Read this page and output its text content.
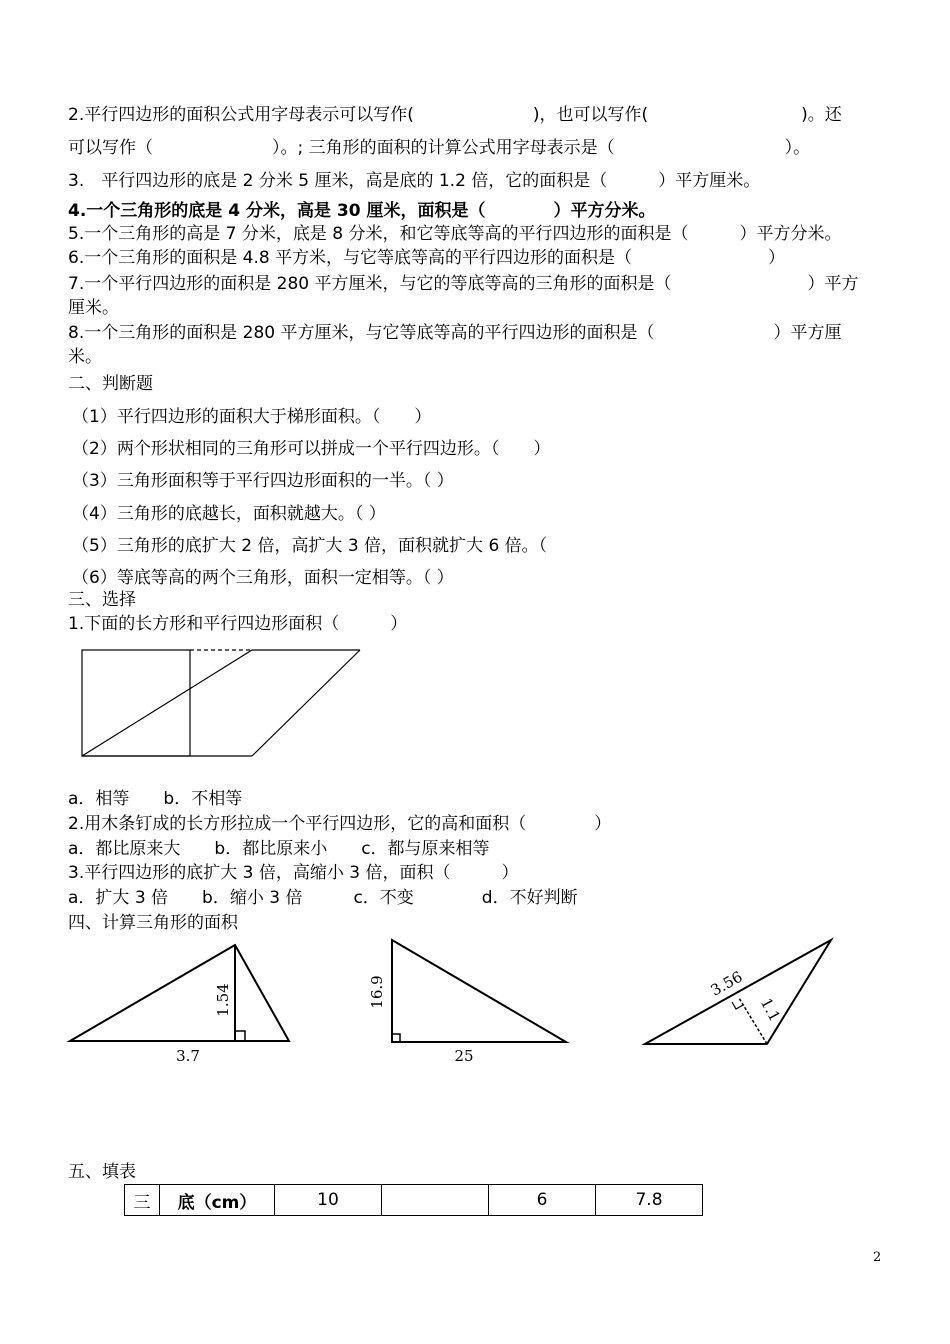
2.平行四边形的面积公式用字母表示可以写作(　　　　　　　)，也可以写作(　　　　　　　　　)。还
可以写作（　　　　　　　）。; 三角形的面积的计算公式用字母表示是（　　　　　　　　　　）。
3.　平行四边形的底是 2 分米 5 厘米，高是底的 1.2 倍，它的面积是（　　　）平方厘米。
4.一个三角形的底是 4 分米，高是 30 厘米，面积是（　　　　）平方分米。
5.一个三角形的高是 7 分米，底是 8 分米，和它等底等高的平行四边形的面积是（　　　）平方分米。
6.一个三角形的面积是 4.8 平方米，与它等底等高的平行四边形的面积是（　　　　　　　　）
7.一个平行四边形的面积是 280 平方厘米，与它的等底等高的三角形的面积是（　　　　　　　　）平方
厘米。
8.一个三角形的面积是 280 平方厘米，与它等底等高的平行四边形的面积是（　　　　　　　）平方厘
米。
二、判断题
（1）平行四边形的面积大于梯形面积。（　　）
（2）两个形状相同的三角形可以拼成一个平行四边形。（　　）
（3）三角形面积等于平行四边形面积的一半。（ ）
（4）三角形的底越长，面积就越大。（ ）
（5）三角形的底扩大 2 倍，高扩大 3 倍，面积就扩大 6 倍。（
（6）等底等高的两个三角形，面积一定相等。（ ）
三、选择
1.下面的长方形和平行四边形面积（　　　）
a．相等　　b．不相等
2.用木条钉成的长方形拉成一个平行四边形，它的高和面积（　　　　）
a．都比原来大　　b．都比原来小　　c．都与原来相等
3.平行四边形的底扩大 3 倍，高缩小 3 倍，面积（　　　）
a．扩大 3 倍　　b．缩小 3 倍　　　c．不变　　　　d．不好判断
四、计算三角形的面积
1.54
3.7
16.9
25
3.56
1.1
五、填表
三	底（cm）	10		6	7.8
2
